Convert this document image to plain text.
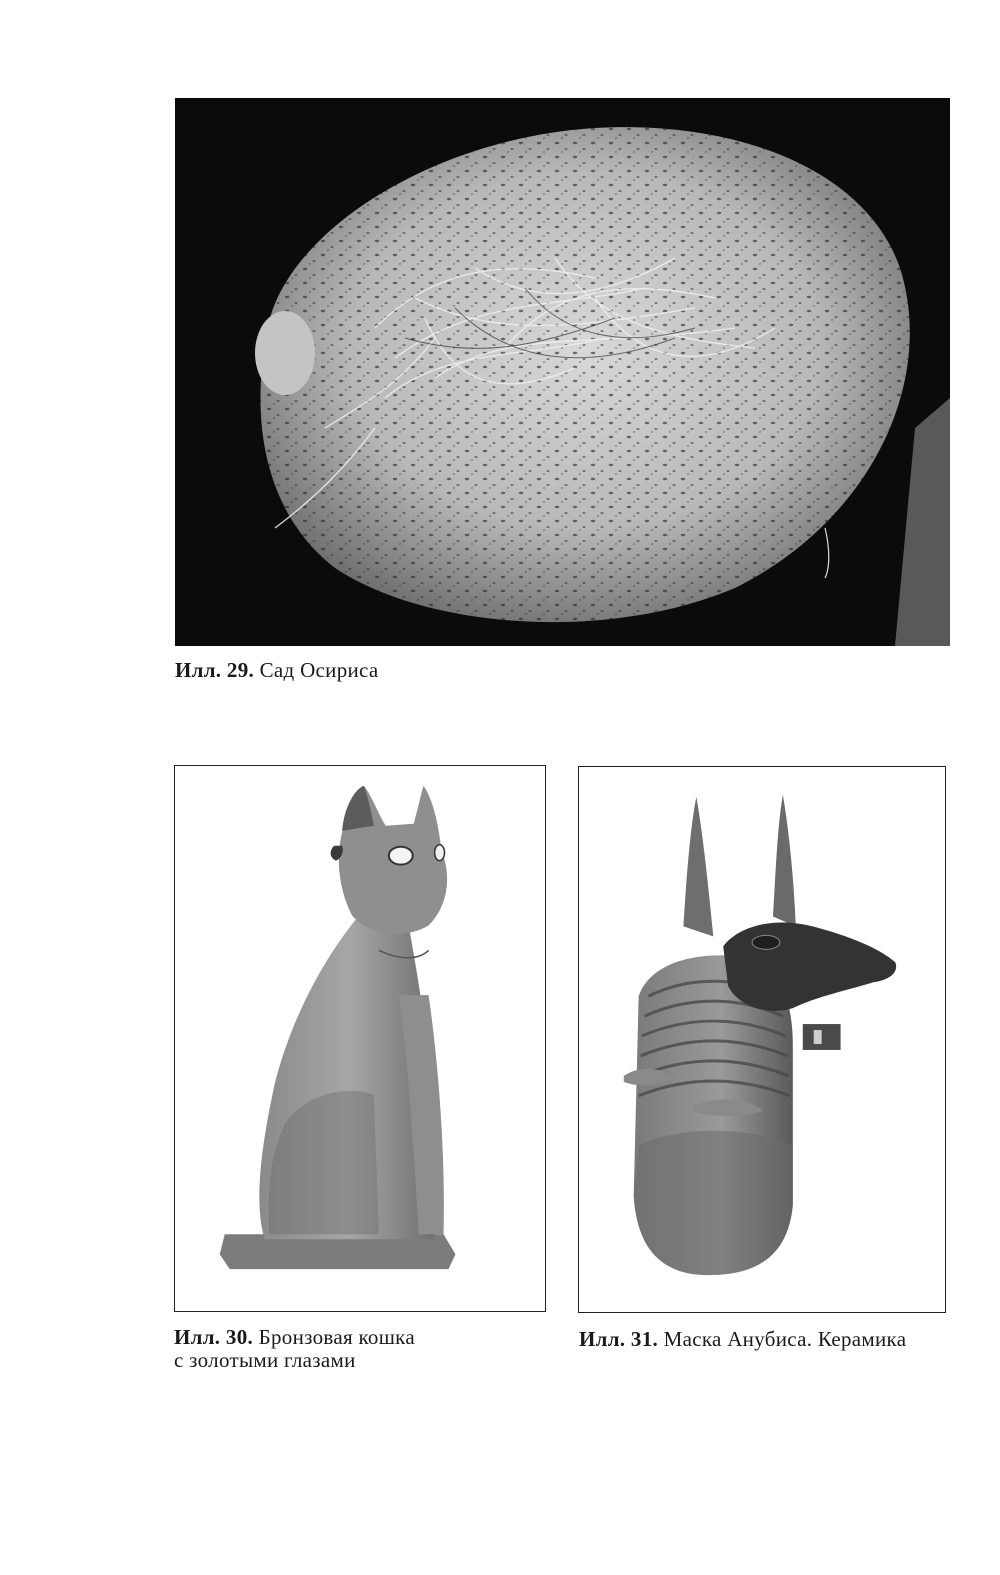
Илл. 29. Сад Осириса
Илл. 30. Бронзовая кошка
с золотыми глазами
Илл. 31. Маска Анубиса. Керамика
